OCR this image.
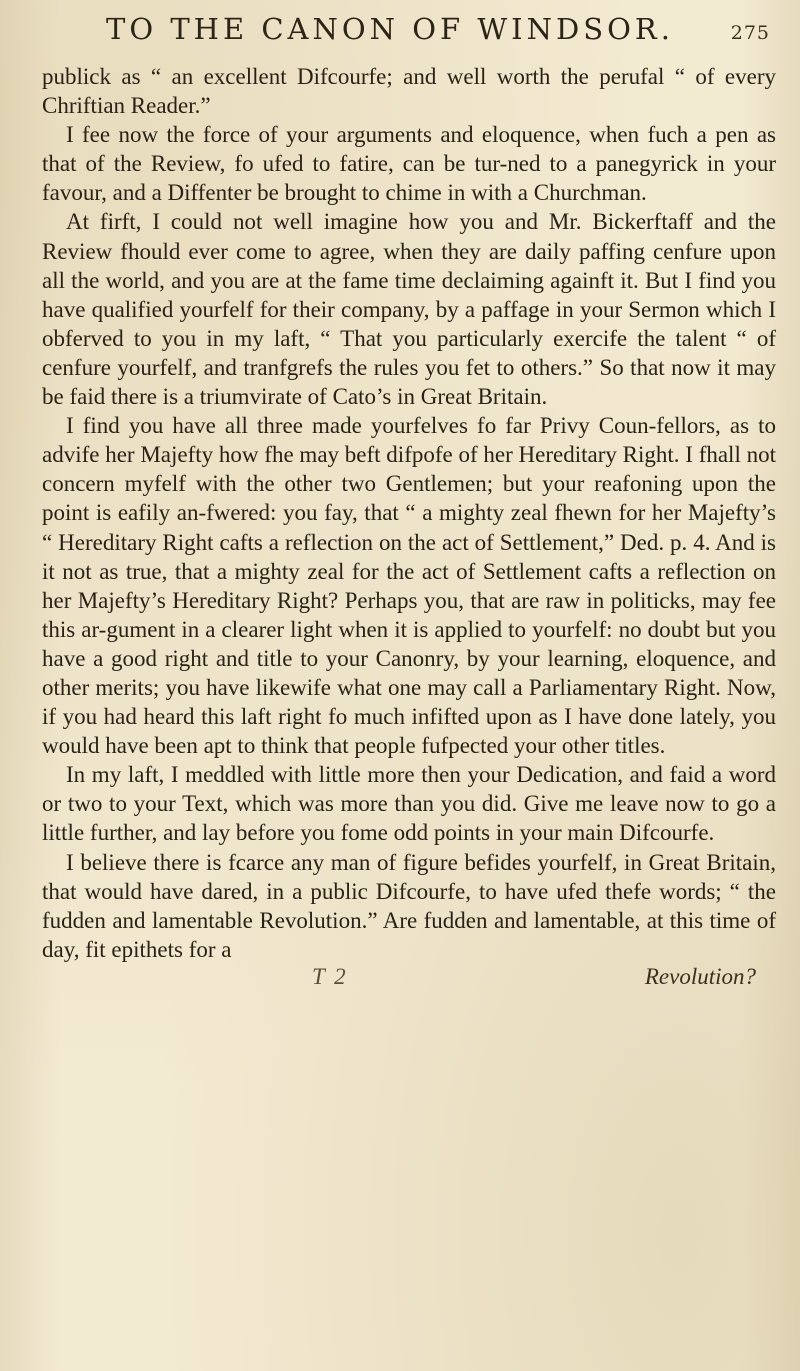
TO THE CANON OF WINDSOR.	275

publick as “ an excellent Difcourfe; and well worth the perufal “ of every Chriftian Reader.”

I fee now the force of your arguments and eloquence, when fuch a pen as that of the Review, fo ufed to fatire, can be tur-ned to a panegyrick in your favour, and a Diffenter be brought to chime in with a Churchman.

At firft, I could not well imagine how you and Mr. Bickerftaff and the Review fhould ever come to agree, when they are daily paffing cenfure upon all the world, and you are at the fame time declaiming againft it. But I find you have qualified yourfelf for their company, by a paffage in your Sermon which I obferved to you in my laft, “ That you particularly exercife the talent “ of cenfure yourfelf, and tranfgrefs the rules you fet to others.” So that now it may be faid there is a triumvirate of Cato’s in Great Britain.

I find you have all three made yourfelves fo far Privy Coun-fellors, as to advife her Majefty how fhe may beft difpofe of her Hereditary Right. I fhall not concern myfelf with the other two Gentlemen; but your reafoning upon the point is eafily an-fwered: you fay, that “ a mighty zeal fhewn for her Majefty’s “ Hereditary Right cafts a reflection on the act of Settlement,” Ded. p. 4. And is it not as true, that a mighty zeal for the act of Settlement cafts a reflection on her Majefty’s Hereditary Right? Perhaps you, that are raw in politicks, may fee this ar-gument in a clearer light when it is applied to yourfelf: no doubt but you have a good right and title to your Canonry, by your learning, eloquence, and other merits; you have likewife what one may call a Parliamentary Right. Now, if you had heard this laft right fo much infifted upon as I have done lately, you would have been apt to think that people fufpected your other titles.

In my laft, I meddled with little more then your Dedication, and faid a word or two to your Text, which was more than you did. Give me leave now to go a little further, and lay before you fome odd points in your main Difcourfe.

I believe there is fcarce any man of figure befides yourfelf, in Great Britain, that would have dared, in a public Difcourfe, to have ufed thefe words; “ the fudden and lamentable Revolution.” Are fudden and lamentable, at this time of day, fit epithets for a

T 2	Revolution?
